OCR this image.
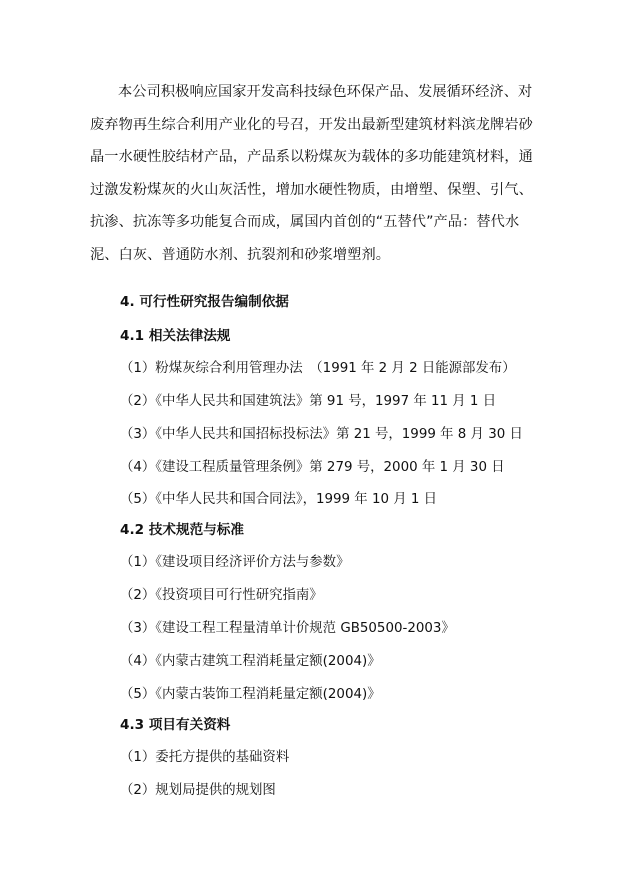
本公司积极响应国家开发高科技绿色环保产品、发展循环经济、对
废弃物再生综合利用产业化的号召，开发出最新型建筑材料滨龙牌岩砂
晶一水硬性胶结材产品，产品系以粉煤灰为载体的多功能建筑材料，通
过激发粉煤灰的火山灰活性，增加水硬性物质，由增塑、保塑、引气、
抗渗、抗冻等多功能复合而成，属国内首创的“五替代”产品：替代水
泥、白灰、普通防水剂、抗裂剂和砂浆增塑剂。

4. 可行性研究报告编制依据

4.1 相关法律法规

（1）粉煤灰综合利用管理办法　（1991 年 2 月 2 日能源部发布）

（2）《中华人民共和国建筑法》第 91 号，1997 年 11 月 1 日

（3）《中华人民共和国招标投标法》第 21 号，1999 年 8 月 30 日

（4）《建设工程质量管理条例》第 279 号，2000 年 1 月 30 日

（5）《中华人民共和国合同法》，1999 年 10 月 1 日

4.2 技术规范与标准

（1）《建设项目经济评价方法与参数》

（2）《投资项目可行性研究指南》

（3）《建设工程工程量清单计价规范 GB50500-2003》

（4）《内蒙古建筑工程消耗量定额(2004)》

（5）《内蒙古装饰工程消耗量定额(2004)》

4.3 项目有关资料

（1）委托方提供的基础资料

（2）规划局提供的规划图
